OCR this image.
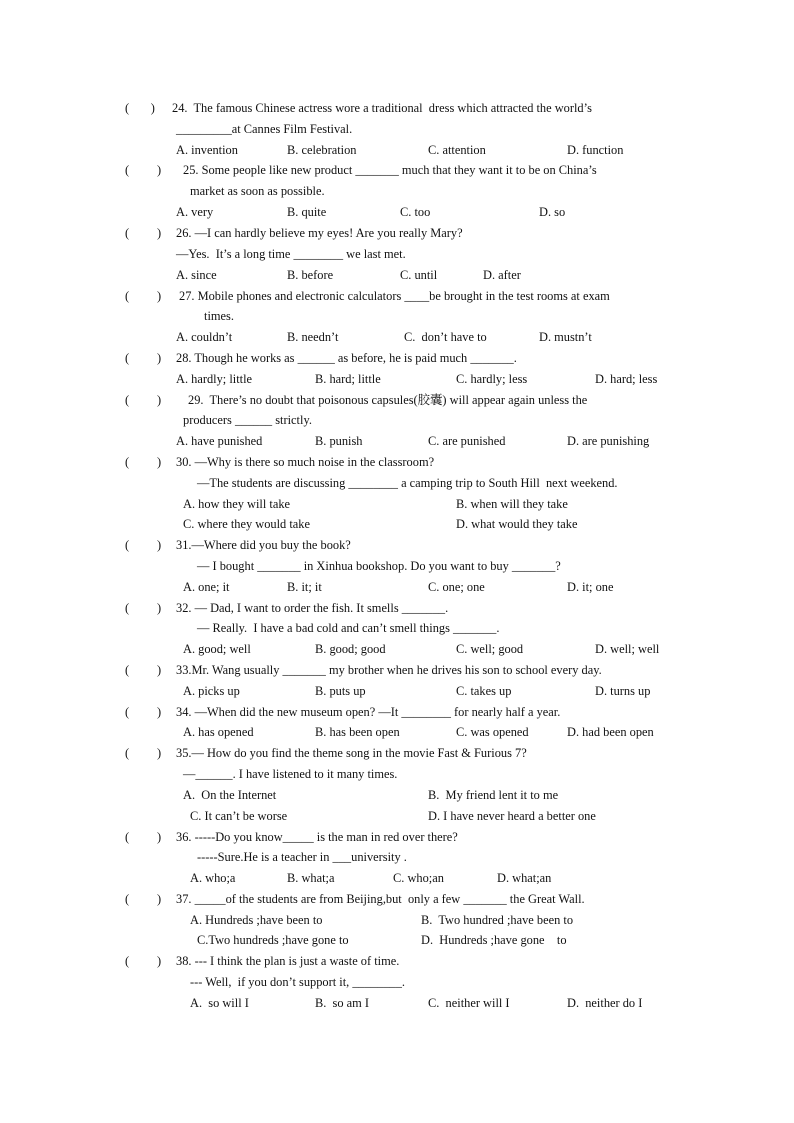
(       ) 24.  The famous Chinese actress wore a traditional  dress which attracted the world’s
_________at Cannes Film Festival.
A. invention	B. celebration	C. attention	D. function
(         ) 25. Some people like new product _______ much that they want it to be on China’s
market as soon as possible.
A. very	B. quite	C. too	D. so
(         ) 26. —I can hardly believe my eyes! Are you really Mary?
—Yes.  It’s a long time ________ we last met.
A. since	B. before	C. until	D. after
(         ) 27. Mobile phones and electronic calculators ____be brought in the test rooms at exam
times.
A. couldn’t	B. needn’t	C.  don’t have to	D. mustn’t
(         ) 28. Though he works as ______ as before, he is paid much _______.
A. hardly; little	B. hard; little	C. hardly; less	D. hard; less
(         ) 29.  There’s no doubt that poisonous capsules(胶囊) will appear again unless the
producers ______ strictly.
A. have punished	B. punish	C. are punished	D. are punishing
(         ) 30. —Why is there so much noise in the classroom?
—The students are discussing ________ a camping trip to South Hill  next weekend.
A. how they will take	B. when will they take
C. where they would take	D. what would they take
(         ) 31.—Where did you buy the book?
— I bought _______ in Xinhua bookshop. Do you want to buy _______?
A. one; it	B. it; it	C. one; one	D. it; one
(         ) 32. — Dad, I want to order the fish. It smells _______.
— Really.  I have a bad cold and can’t smell things _______.
A. good; well	B. good; good	C. well; good	D. well; well
(         ) 33.Mr. Wang usually _______ my brother when he drives his son to school every day.
A. picks up	B. puts up	C. takes up	D. turns up
(         ) 34. —When did the new museum open? —It ________ for nearly half a year.
A. has opened	B. has been open	C. was opened	D. had been open
(         ) 35.— How do you find the theme song in the movie Fast & Furious 7?
—______. I have listened to it many times.
A.  On the Internet	B.  My friend lent it to me
C. It can’t be worse	D. I have never heard a better one
(         ) 36. -----Do you know_____ is the man in red over there?
-----Sure.He is a teacher in ___university .
A. who;a	B. what;a	C. who;an	D. what;an
(         ) 37. _____of the students are from Beijing,but  only a few _______ the Great Wall.
A. Hundreds ;have been to	B.  Two hundred ;have been to
C.Two hundreds ;have gone to	D.  Hundreds ;have gone    to
(         ) 38. --- I think the plan is just a waste of time.
--- Well,  if you don’t support it, ________.
A.  so will I	B.  so am I	C.  neither will I	D.  neither do I
